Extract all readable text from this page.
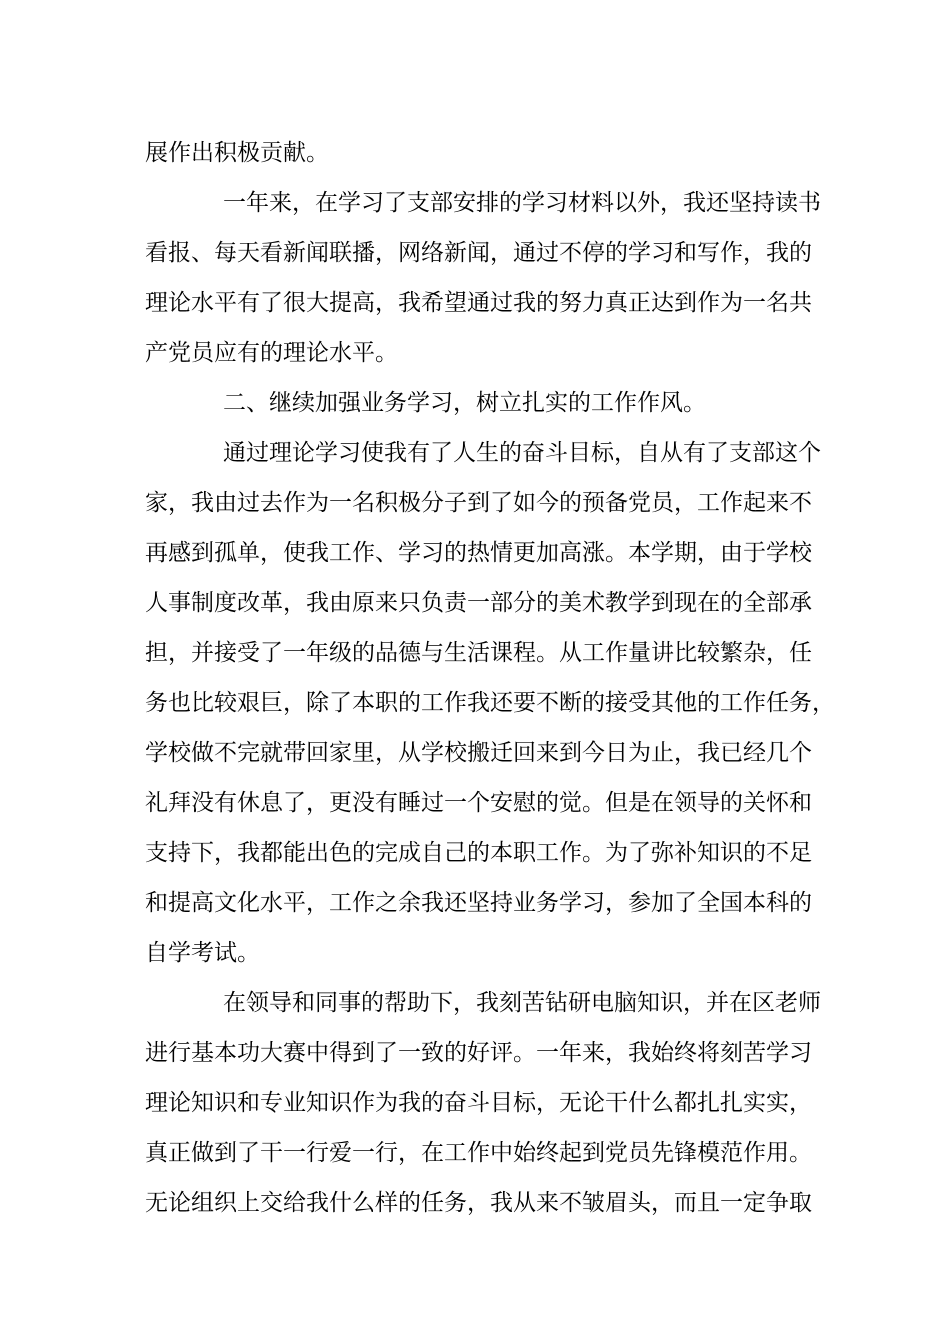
展作出积极贡献。
一年来，在学习了支部安排的学习材料以外，我还坚持读书
看报、每天看新闻联播，网络新闻，通过不停的学习和写作，我的
理论水平有了很大提高，我希望通过我的努力真正达到作为一名共
产党员应有的理论水平。
二、继续加强业务学习，树立扎实的工作作风。
通过理论学习使我有了人生的奋斗目标，自从有了支部这个
家，我由过去作为一名积极分子到了如今的预备党员，工作起来不
再感到孤单，使我工作、学习的热情更加高涨。本学期，由于学校
人事制度改革，我由原来只负责一部分的美术教学到现在的全部承
担，并接受了一年级的品德与生活课程。从工作量讲比较繁杂，任
务也比较艰巨，除了本职的工作我还要不断的接受其他的工作任务，
学校做不完就带回家里，从学校搬迁回来到今日为止，我已经几个
礼拜没有休息了，更没有睡过一个安慰的觉。但是在领导的关怀和
支持下，我都能出色的完成自己的本职工作。为了弥补知识的不足
和提高文化水平，工作之余我还坚持业务学习，参加了全国本科的
自学考试。
在领导和同事的帮助下，我刻苦钻研电脑知识，并在区老师
进行基本功大赛中得到了一致的好评。一年来，我始终将刻苦学习
理论知识和专业知识作为我的奋斗目标，无论干什么都扎扎实实，
真正做到了干一行爱一行，在工作中始终起到党员先锋模范作用。
无论组织上交给我什么样的任务，我从来不皱眉头，而且一定争取
